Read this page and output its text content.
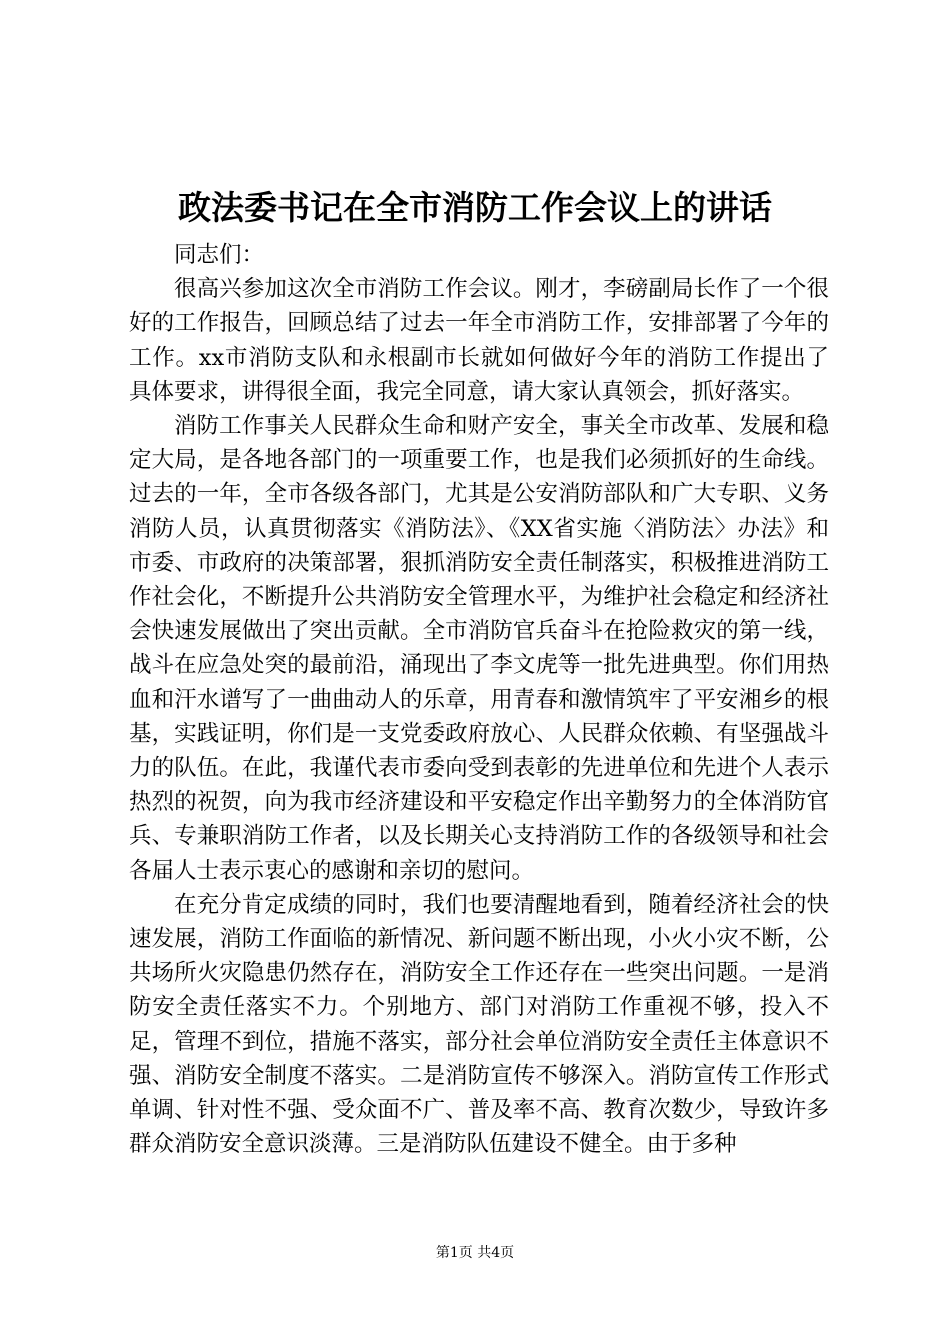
政法委书记在全市消防工作会议上的讲话

同志们：

很高兴参加这次全市消防工作会议。刚才，李磅副局长作了一个很好的工作报告，回顾总结了过去一年全市消防工作，安排部署了今年的工作。xx市消防支队和永根副市长就如何做好今年的消防工作提出了具体要求，讲得很全面，我完全同意，请大家认真领会，抓好落实。

消防工作事关人民群众生命和财产安全，事关全市改革、发展和稳定大局，是各地各部门的一项重要工作，也是我们必须抓好的生命线。过去的一年，全市各级各部门，尤其是公安消防部队和广大专职、义务消防人员，认真贯彻落实《消防法》、《XX省实施〈消防法〉办法》和市委、市政府的决策部署，狠抓消防安全责任制落实，积极推进消防工作社会化，不断提升公共消防安全管理水平，为维护社会稳定和经济社会快速发展做出了突出贡献。全市消防官兵奋斗在抢险救灾的第一线，战斗在应急处突的最前沿，涌现出了李文虎等一批先进典型。你们用热血和汗水谱写了一曲曲动人的乐章，用青春和激情筑牢了平安湘乡的根基，实践证明，你们是一支党委政府放心、人民群众依赖、有坚强战斗力的队伍。在此，我谨代表市委向受到表彰的先进单位和先进个人表示热烈的祝贺，向为我市经济建设和平安稳定作出辛勤努力的全体消防官兵、专兼职消防工作者，以及长期关心支持消防工作的各级领导和社会各届人士表示衷心的感谢和亲切的慰问。

在充分肯定成绩的同时，我们也要清醒地看到，随着经济社会的快速发展，消防工作面临的新情况、新问题不断出现，小火小灾不断，公共场所火灾隐患仍然存在，消防安全工作还存在一些突出问题。一是消防安全责任落实不力。个别地方、部门对消防工作重视不够，投入不足，管理不到位，措施不落实，部分社会单位消防安全责任主体意识不强、消防安全制度不落实。二是消防宣传不够深入。消防宣传工作形式单调、针对性不强、受众面不广、普及率不高、教育次数少，导致许多群众消防安全意识淡薄。三是消防队伍建设不健全。由于多种

第1页 共4页
